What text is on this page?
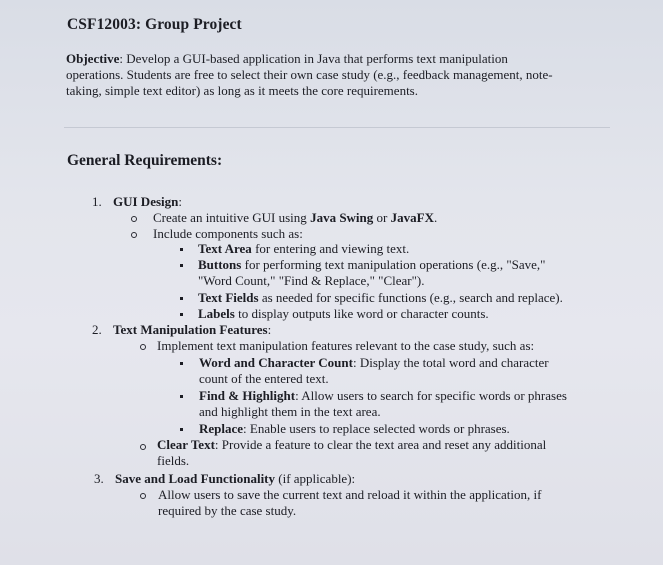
CSF12003: Group Project

Objective: Develop a GUI-based application in Java that performs text manipulation
operations. Students are free to select their own case study (e.g., feedback management, note-
taking, simple text editor) as long as it meets the core requirements.

General Requirements:
1. GUI Design:

Create an intuitive GUI using Java Swing or JavaFX.

Include components such as:

Text Area for entering and viewing text.

Buttons for performing text manipulation operations (e.g., "Save,"

"Word Count," "Find & Replace," "Clear").

Text Fields as needed for specific functions (e.g., search and replace).

Labels to display outputs like word or character counts.

2. Text Manipulation Features:

Implement text manipulation features relevant to the case study, such as:

Word and Character Count: Display the total word and character

count of the entered text.

Find & Highlight: Allow users to search for specific words or phrases

and highlight them in the text area.

Replace: Enable users to replace selected words or phrases.

Clear Text: Provide a feature to clear the text area and reset any additional

fields.

3. Save and Load Functionality (if applicable):

Allow users to save the current text and reload it within the application, if

required by the case study.
